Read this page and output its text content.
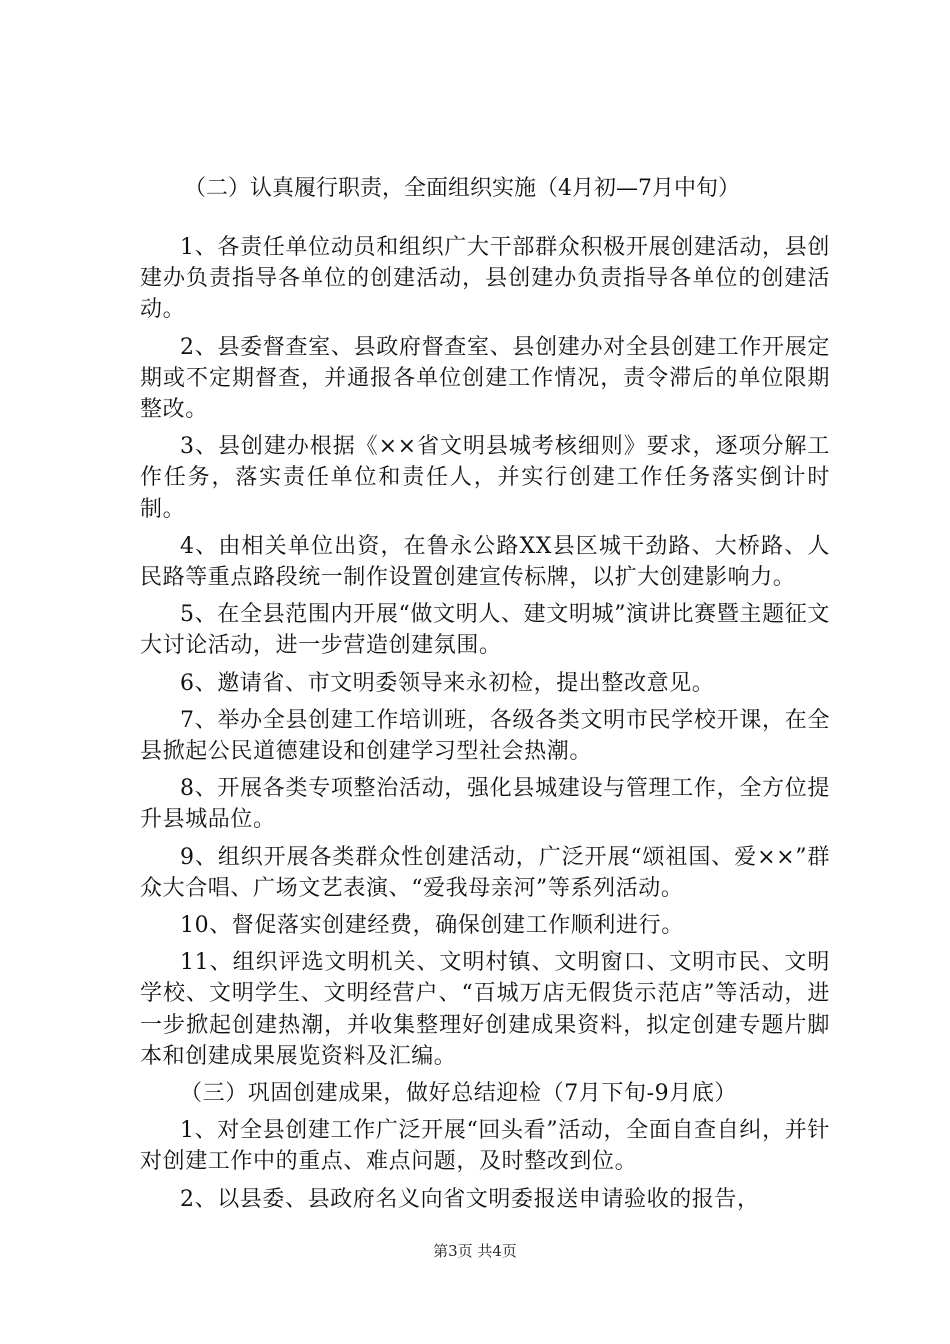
（二）认真履行职责，全面组织实施（4月初—7月中旬）

1、各责任单位动员和组织广大干部群众积极开展创建活动，县创建办负责指导各单位的创建活动，县创建办负责指导各单位的创建活动。

2、县委督查室、县政府督查室、县创建办对全县创建工作开展定期或不定期督查，并通报各单位创建工作情况，责令滞后的单位限期整改。

3、县创建办根据《××省文明县城考核细则》要求，逐项分解工作任务，落实责任单位和责任人，并实行创建工作任务落实倒计时制。

4、由相关单位出资，在鲁永公路XX县区城干劲路、大桥路、人民路等重点路段统一制作设置创建宣传标牌，以扩大创建影响力。

5、在全县范围内开展“做文明人、建文明城”演讲比赛暨主题征文大讨论活动，进一步营造创建氛围。

6、邀请省、市文明委领导来永初检，提出整改意见。

7、举办全县创建工作培训班，各级各类文明市民学校开课，在全县掀起公民道德建设和创建学习型社会热潮。

8、开展各类专项整治活动，强化县城建设与管理工作，全方位提升县城品位。

9、组织开展各类群众性创建活动，广泛开展“颂祖国、爱××”群众大合唱、广场文艺表演、“爱我母亲河”等系列活动。

10、督促落实创建经费，确保创建工作顺利进行。

11、组织评选文明机关、文明村镇、文明窗口、文明市民、文明学校、文明学生、文明经营户、“百城万店无假货示范店”等活动，进一步掀起创建热潮，并收集整理好创建成果资料，拟定创建专题片脚本和创建成果展览资料及汇编。

（三）巩固创建成果，做好总结迎检（7月下旬-9月底）

1、对全县创建工作广泛开展“回头看”活动，全面自查自纠，并针对创建工作中的重点、难点问题，及时整改到位。

2、以县委、县政府名义向省文明委报送申请验收的报告，

第3页 共4页
